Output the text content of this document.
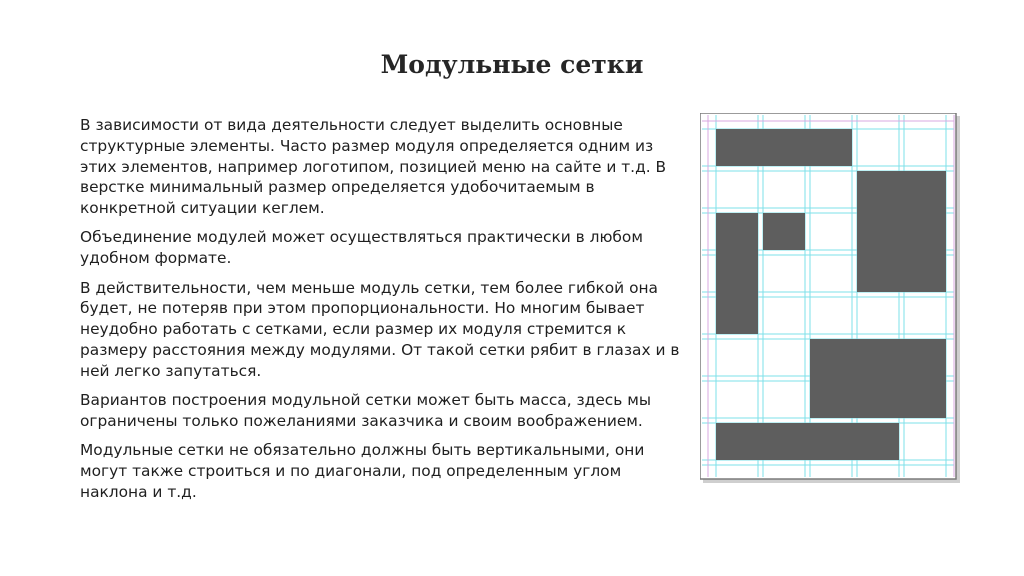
Модульные сетки

В зависимости от вида деятельности следует выделить основные структурные элементы. Часто размер модуля определяется одним из этих элементов, например логотипом, позицией меню на сайте и т.д. В верстке минимальный размер определяется удобочитаемым в конкретной ситуации кеглем.

Объединение модулей может осуществляться практически в любом удобном формате.

В действительности, чем меньше модуль сетки, тем более гибкой она будет, не потеряв при этом пропорциональности. Но многим бывает неудобно работать с сетками, если размер их модуля стремится к размеру расстояния между модулями. От такой сетки рябит в глазах и в ней легко запутаться.

Вариантов построения модульной сетки может быть масса, здесь мы ограничены только пожеланиями заказчика и своим воображением.

Модульные сетки не обязательно должны быть вертикальными, они могут также строиться и по диагонали, под определенным углом наклона и т.д.
